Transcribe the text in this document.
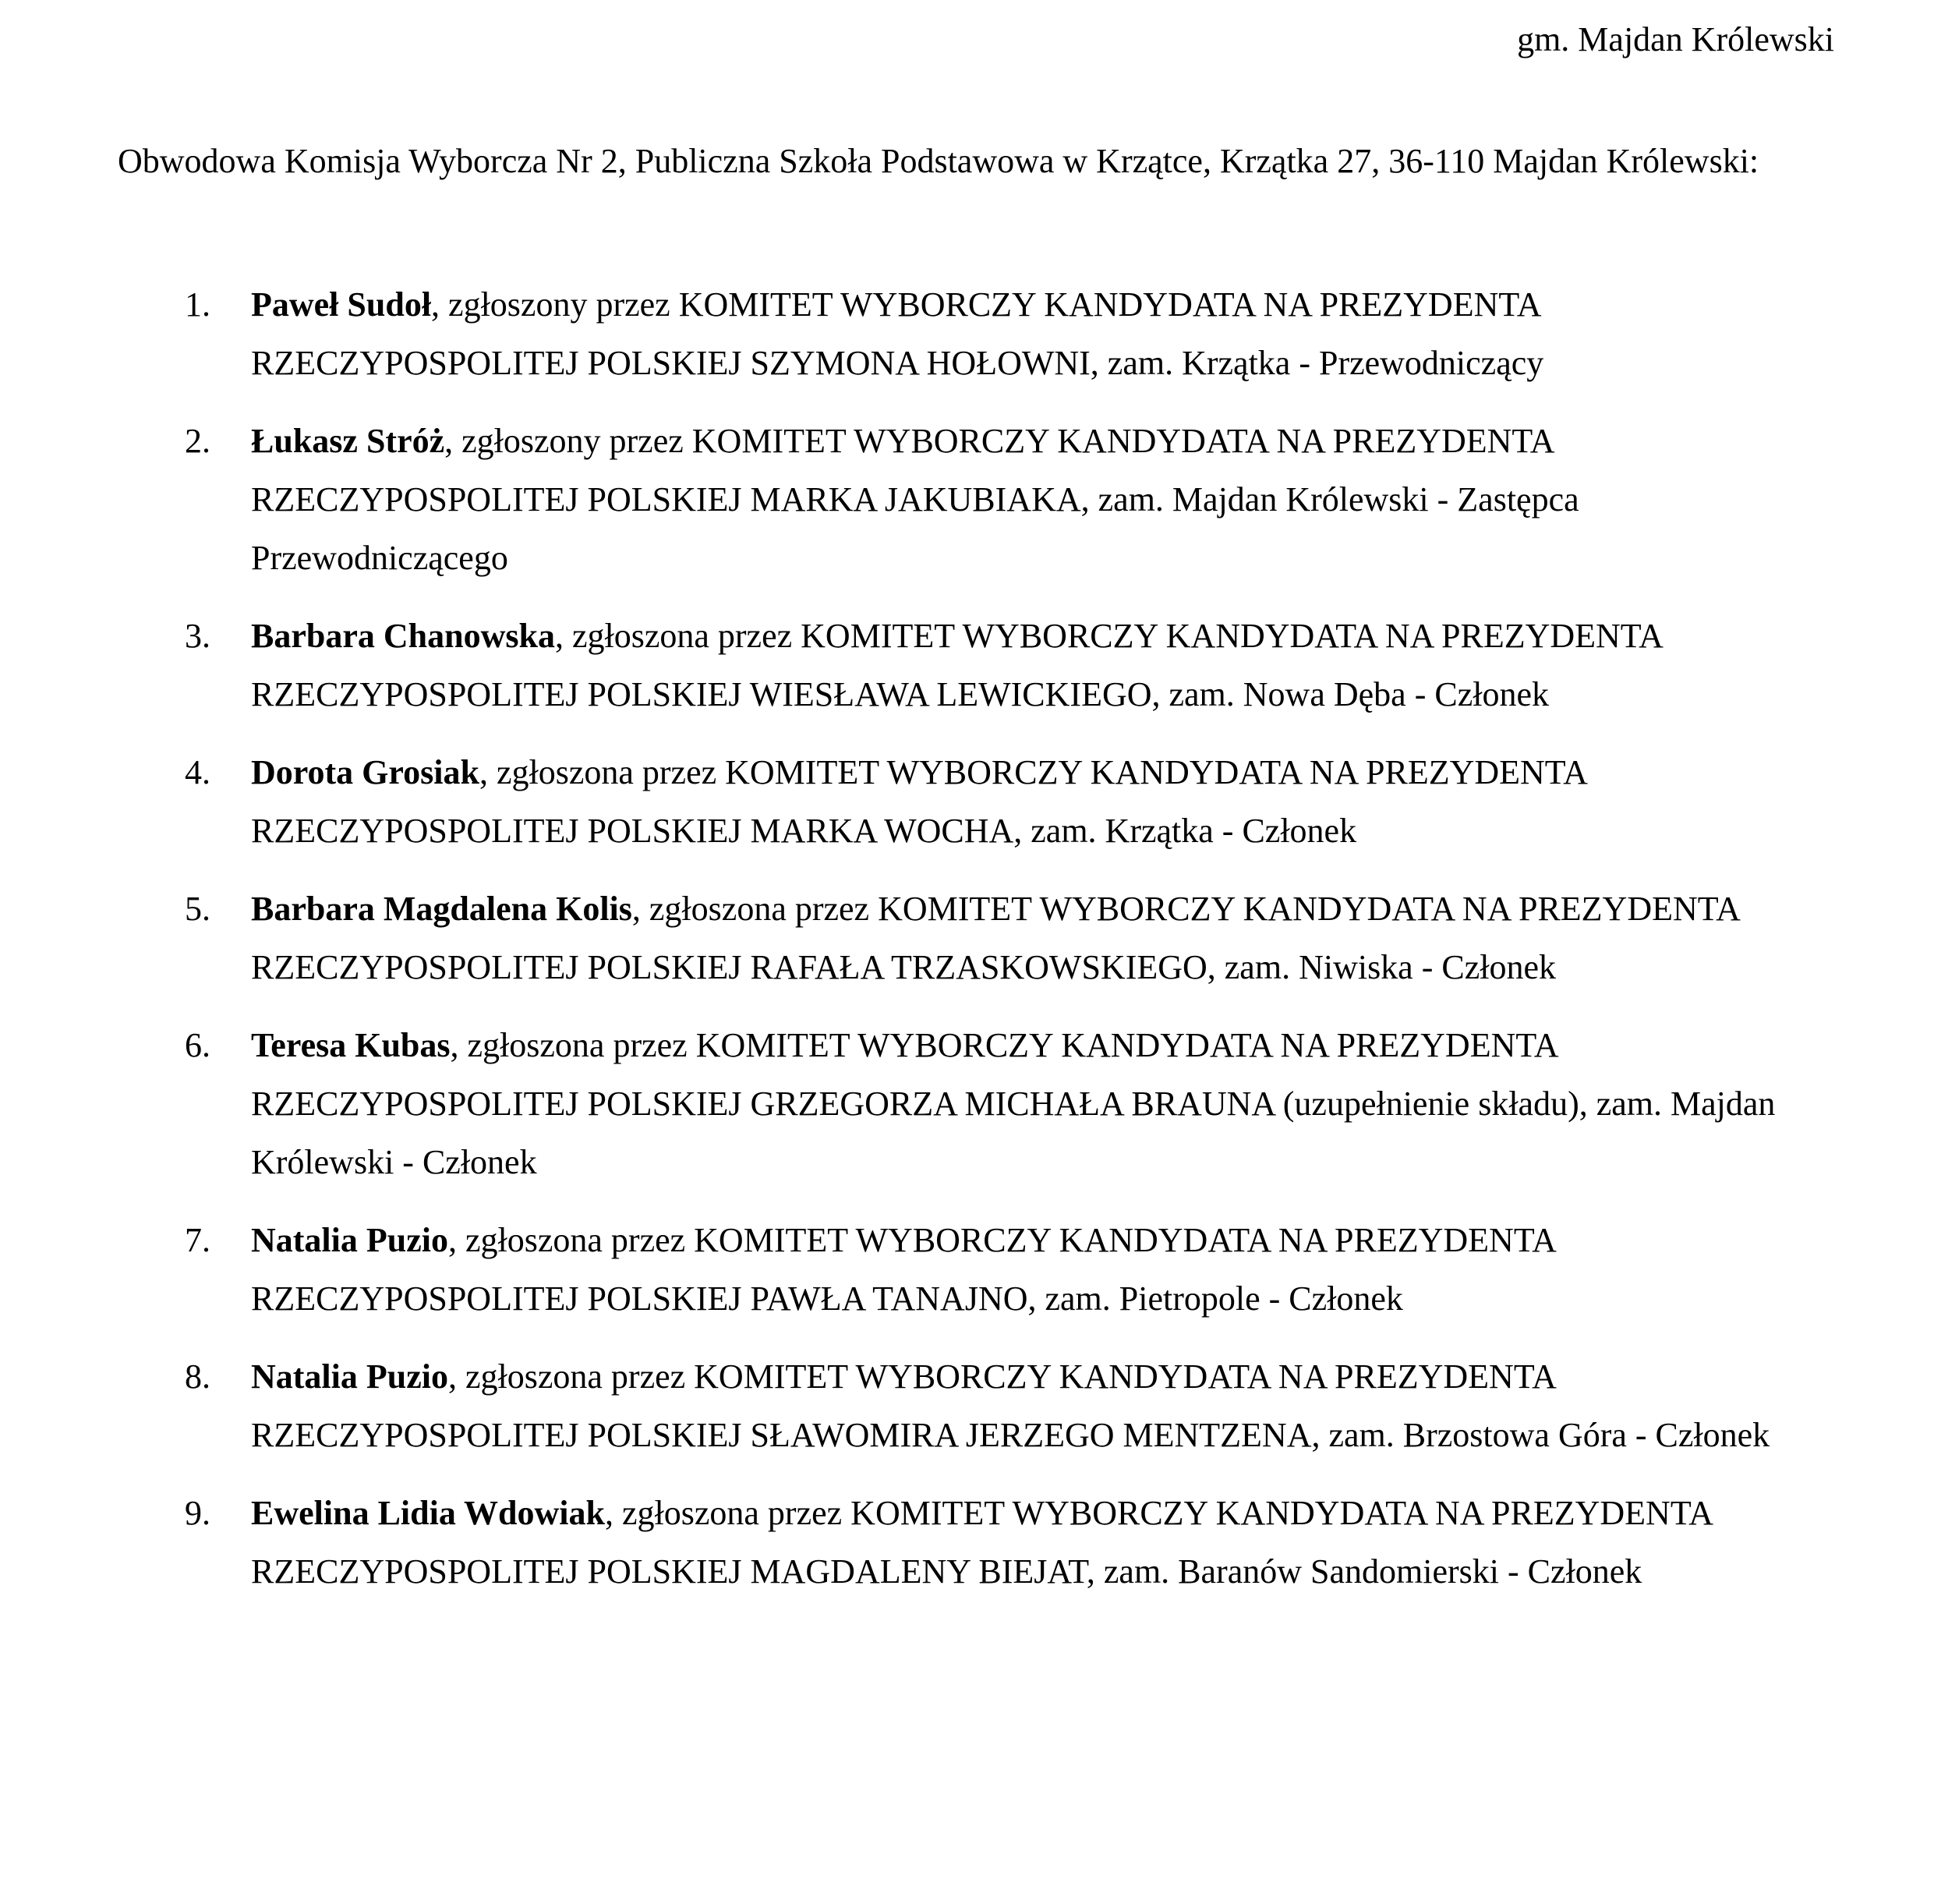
gm. Majdan Królewski
Obwodowa Komisja Wyborcza Nr 2, Publiczna Szkoła Podstawowa w Krzątce, Krzątka 27, 36-110 Majdan Królewski:
1. Paweł Sudoł, zgłoszony przez KOMITET WYBORCZY KANDYDATA NA PREZYDENTA RZECZYPOSPOLITEJ POLSKIEJ SZYMONA HOŁOWNI, zam. Krzątka - Przewodniczący
2. Łukasz Stróż, zgłoszony przez KOMITET WYBORCZY KANDYDATA NA PREZYDENTA RZECZYPOSPOLITEJ POLSKIEJ MARKA JAKUBIAKA, zam. Majdan Królewski - Zastępca Przewodniczącego
3. Barbara Chanowska, zgłoszona przez KOMITET WYBORCZY KANDYDATA NA PREZYDENTA RZECZYPOSPOLITEJ POLSKIEJ WIESŁAWA LEWICKIEGO, zam. Nowa Dęba - Członek
4. Dorota Grosiak, zgłoszona przez KOMITET WYBORCZY KANDYDATA NA PREZYDENTA RZECZYPOSPOLITEJ POLSKIEJ MARKA WOCHA, zam. Krzątka - Członek
5. Barbara Magdalena Kolis, zgłoszona przez KOMITET WYBORCZY KANDYDATA NA PREZYDENTA RZECZYPOSPOLITEJ POLSKIEJ RAFAŁA TRZASKOWSKIEGO, zam. Niwiska - Członek
6. Teresa Kubas, zgłoszona przez KOMITET WYBORCZY KANDYDATA NA PREZYDENTA RZECZYPOSPOLITEJ POLSKIEJ GRZEGORZA MICHAŁA BRAUNA (uzupełnienie składu), zam. Majdan Królewski - Członek
7. Natalia Puzio, zgłoszona przez KOMITET WYBORCZY KANDYDATA NA PREZYDENTA RZECZYPOSPOLITEJ POLSKIEJ PAWŁA TANAJNO, zam. Pietropole - Członek
8. Natalia Puzio, zgłoszona przez KOMITET WYBORCZY KANDYDATA NA PREZYDENTA RZECZYPOSPOLITEJ POLSKIEJ SŁAWOMIRA JERZEGO MENTZENA, zam. Brzostowa Góra - Członek
9. Ewelina Lidia Wdowiak, zgłoszona przez KOMITET WYBORCZY KANDYDATA NA PREZYDENTA RZECZYPOSPOLITEJ POLSKIEJ MAGDALENY BIEJAT, zam. Baranów Sandomierski - Członek
